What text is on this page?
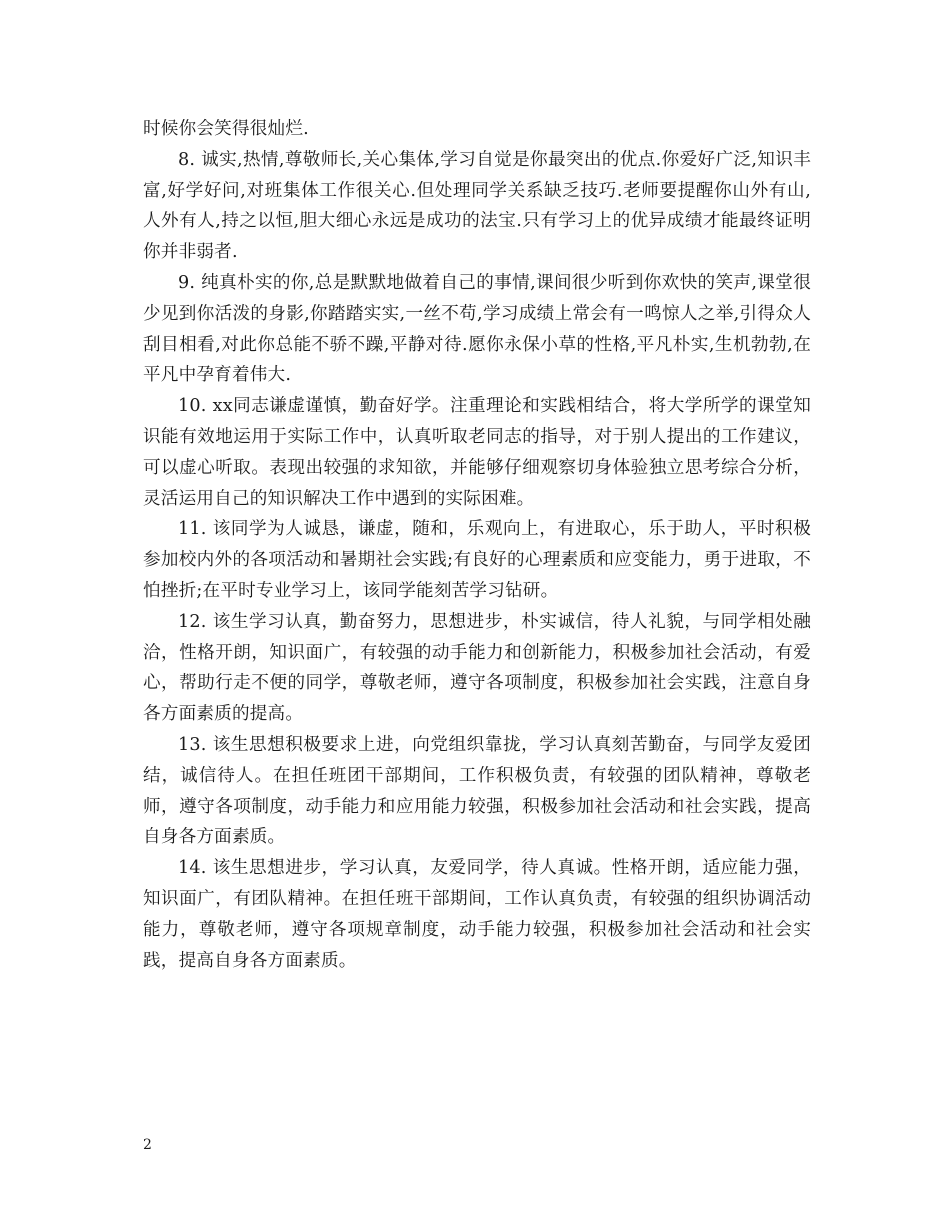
时候你会笑得很灿烂.

8. 诚实,热情,尊敬师长,关心集体,学习自觉是你最突出的优点.你爱好广泛,知识丰富,好学好问,对班集体工作很关心.但处理同学关系缺乏技巧.老师要提醒你山外有山,人外有人,持之以恒,胆大细心永远是成功的法宝.只有学习上的优异成绩才能最终证明你并非弱者.

9. 纯真朴实的你,总是默默地做着自己的事情,课间很少听到你欢快的笑声,课堂很少见到你活泼的身影,你踏踏实实,一丝不苟,学习成绩上常会有一鸣惊人之举,引得众人刮目相看,对此你总能不骄不躁,平静对待.愿你永保小草的性格,平凡朴实,生机勃勃,在平凡中孕育着伟大.

10. xx同志谦虚谨慎，勤奋好学。注重理论和实践相结合，将大学所学的课堂知识能有效地运用于实际工作中，认真听取老同志的指导，对于别人提出的工作建议，可以虚心听取。表现出较强的求知欲，并能够仔细观察切身体验独立思考综合分析，灵活运用自己的知识解决工作中遇到的实际困难。

11. 该同学为人诚恳，谦虚，随和，乐观向上，有进取心，乐于助人，平时积极参加校内外的各项活动和暑期社会实践;有良好的心理素质和应变能力，勇于进取，不怕挫折;在平时专业学习上，该同学能刻苦学习钻研。

12. 该生学习认真，勤奋努力，思想进步，朴实诚信，待人礼貌，与同学相处融洽，性格开朗，知识面广，有较强的动手能力和创新能力，积极参加社会活动，有爱心，帮助行走不便的同学，尊敬老师，遵守各项制度，积极参加社会实践，注意自身各方面素质的提高。

13. 该生思想积极要求上进，向党组织靠拢，学习认真刻苦勤奋，与同学友爱团结，诚信待人。在担任班团干部期间，工作积极负责，有较强的团队精神，尊敬老师，遵守各项制度，动手能力和应用能力较强，积极参加社会活动和社会实践，提高自身各方面素质。

14. 该生思想进步，学习认真，友爱同学，待人真诚。性格开朗，适应能力强，知识面广，有团队精神。在担任班干部期间，工作认真负责，有较强的组织协调活动能力，尊敬老师，遵守各项规章制度，动手能力较强，积极参加社会活动和社会实践，提高自身各方面素质。

2
